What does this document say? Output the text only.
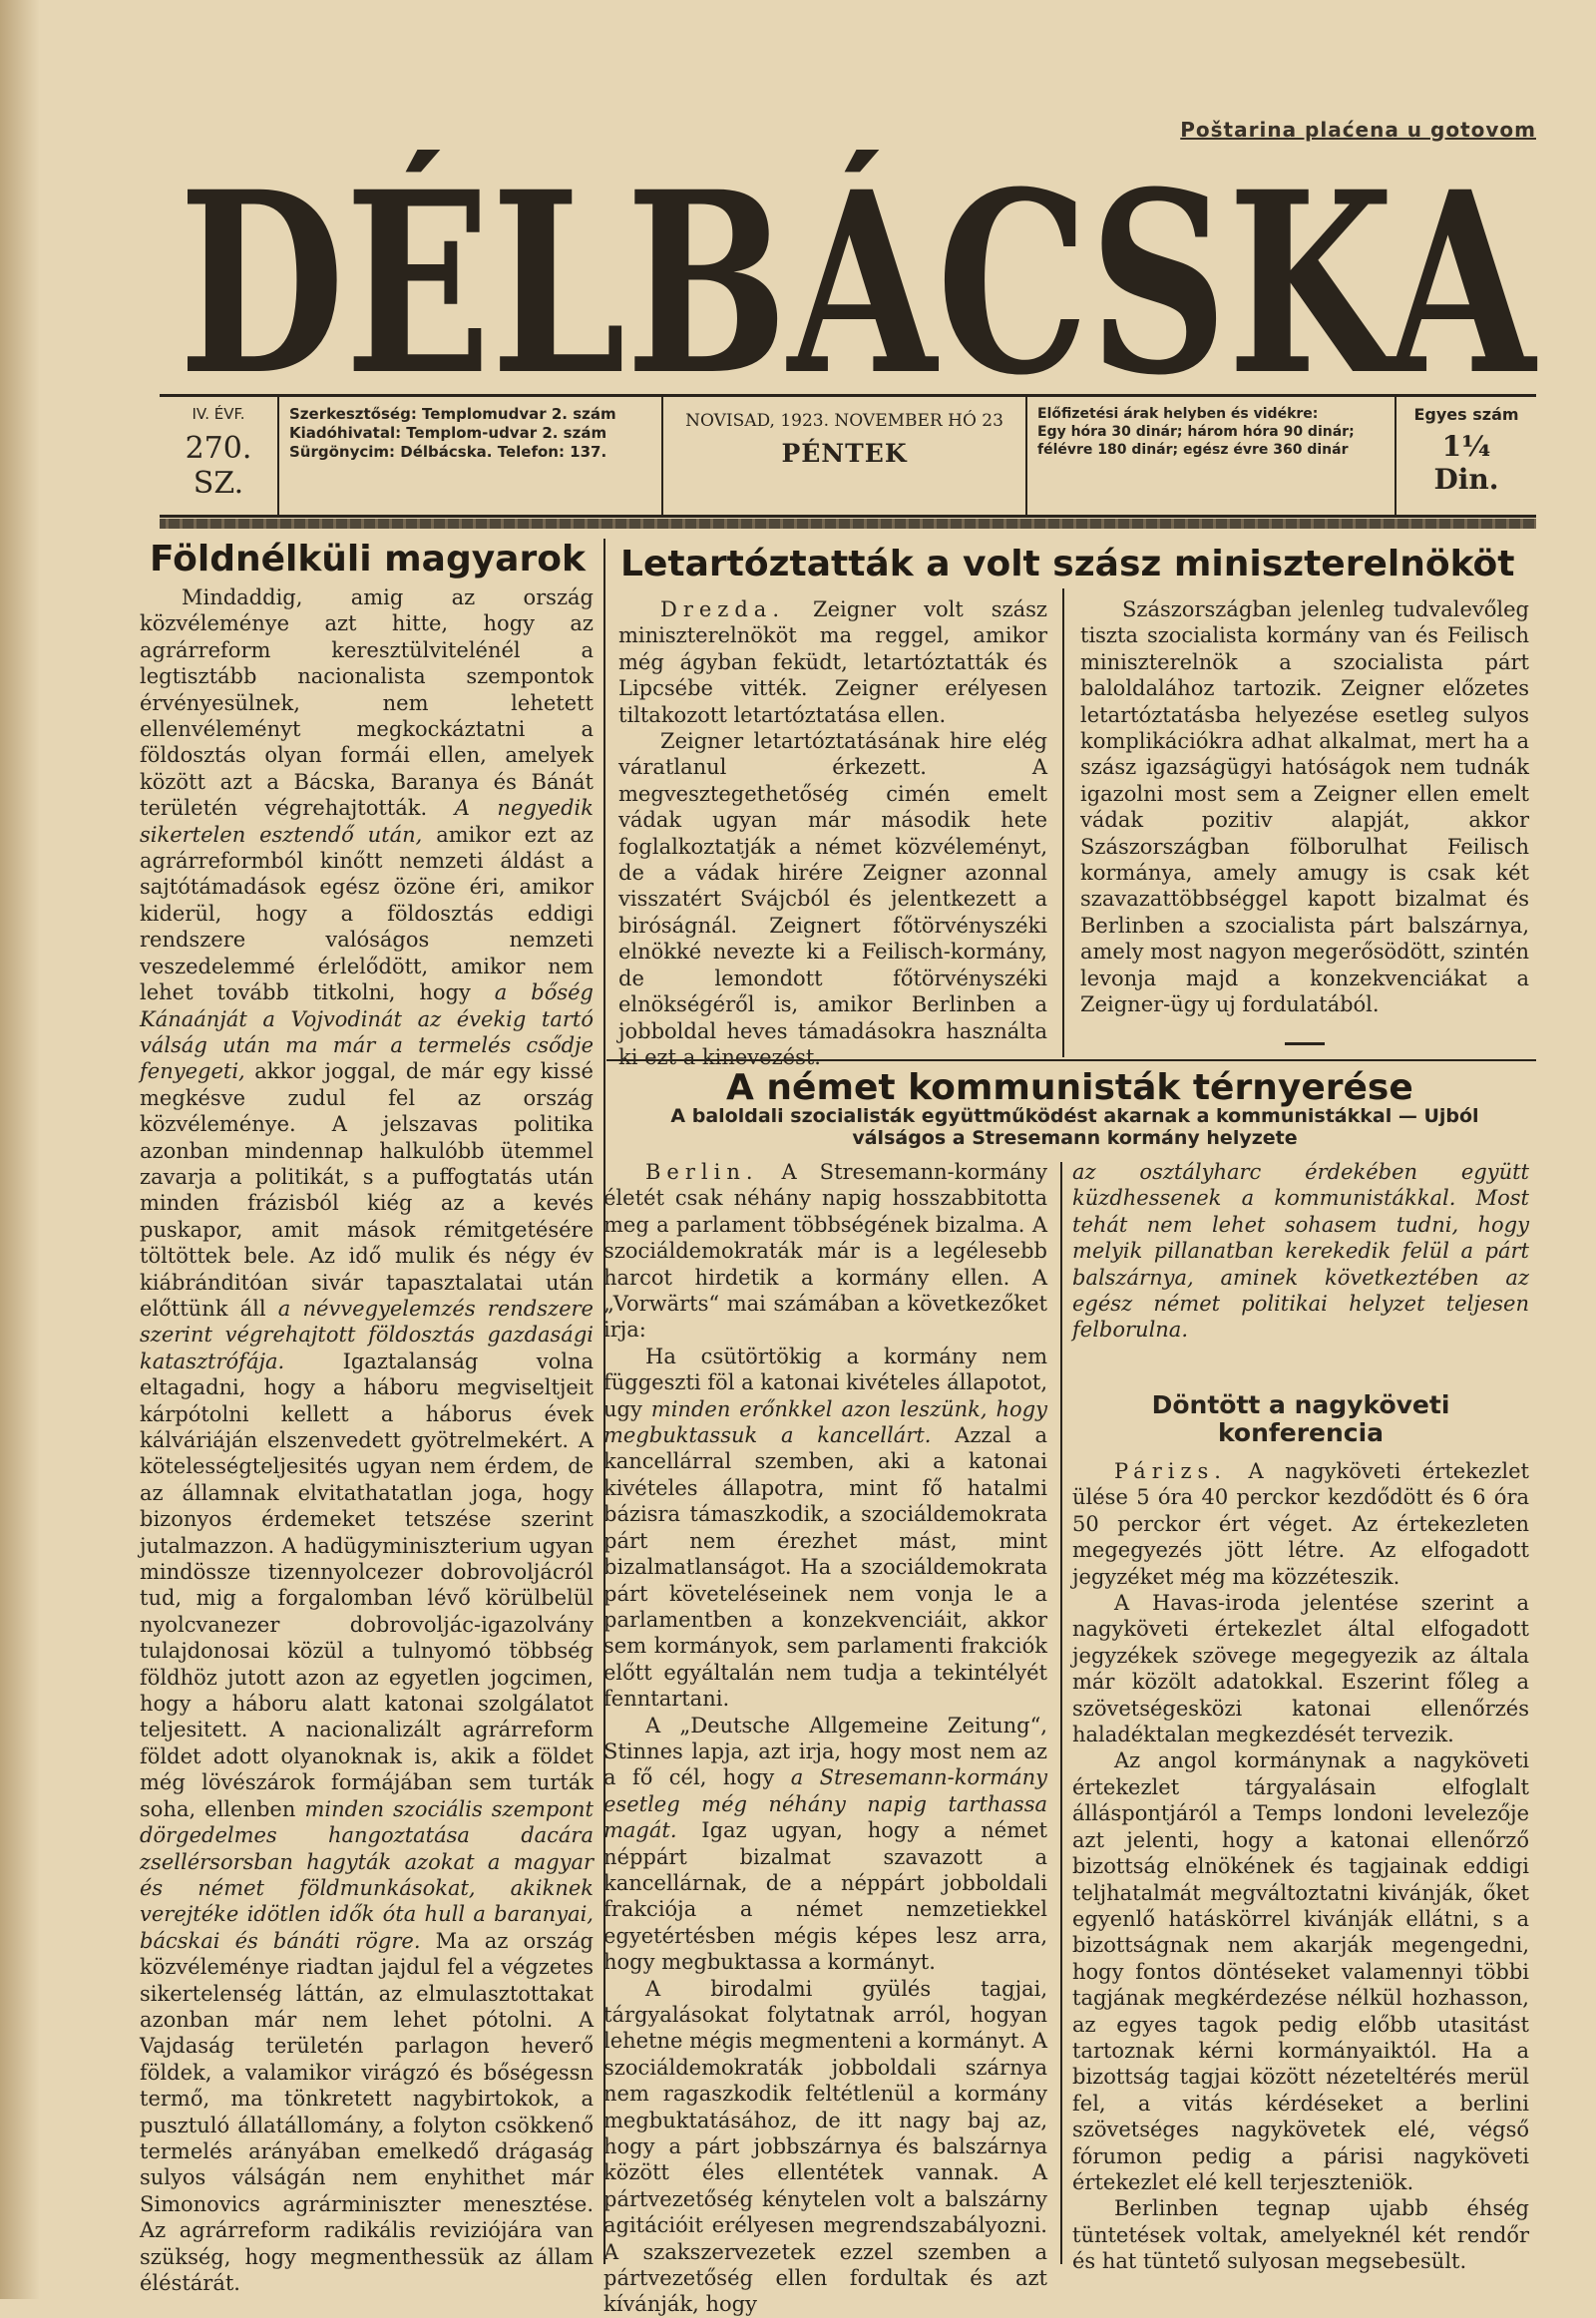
Poštarina plaćena u gotovom
DÉLBÁCSKA
IV. ÉVF.
270. SZ.
Szerkesztőség: Templomudvar 2. szám
Kiadóhivatal: Templom-udvar 2. szám
Sürgönycim: Délbácska. Telefon: 137.
NOVISAD, 1923. NOVEMBER HÓ 23
PÉNTEK
Előfizetési árak helyben és vidékre:
Egy hóra 30 dinár; három hóra 90 dinár;
félévre 180 dinár; egész évre 360 dinár
Egyes szám
1¼ Din.
Földnélküli magyarok

Mindaddig, amig az ország közvéleménye azt hitte, hogy az agrárreform keresztülvitelénél a legtisztább nacionalista szempontok érvényesülnek, nem lehetett ellenvéleményt megkockáztatni a földosztás olyan formái ellen, amelyek között azt a Bácska, Baranya és Bánát területén végrehajtották. A negyedik sikertelen esztendő után, amikor ezt az agrárreformból kinőtt nemzeti áldást a sajtótámadások egész özöne éri, amikor kiderül, hogy a földosztás eddigi rendszere valóságos nemzeti veszedelemmé érlelődött, amikor nem lehet tovább titkolni, hogy a bőség Kánaánját a Vojvodinát az évekig tartó válság után ma már a termelés csődje fenyegeti, akkor joggal, de már egy kissé megkésve zudul fel az ország közvéleménye. A jelszavas politika azonban mindennap halkulóbb ütemmel zavarja a politikát, s a puffogtatás után minden frázisból kiég az a kevés puskapor, amit mások rémitgetésére töltöttek bele. Az idő mulik és négy év kiábránditóan sivár tapasztalatai után előttünk áll a névvegyelemzés rendszere szerint végrehajtott földosztás gazdasági katasztrófája.	Igaztalanság volna eltagadni, hogy a háboru megviseltjeit kárpótolni kellett a háborus évek kálváriáján elszenvedett gyötrelmekért. A kötelességteljesités ugyan nem érdem, de az államnak elvitathatatlan joga, hogy bizonyos érdemeket tetszése szerint jutalmazzon. A hadügyminiszterium ugyan mindössze tizennyolcezer dobrovoljácról tud, mig a forgalomban lévő körülbelül nyolcvanezer dobrovoljác-igazolvány tulajdonosai közül a tulnyomó többség földhöz jutott azon az egyetlen jogcimen, hogy a háboru alatt katonai szolgálatot teljesitett. A nacionalizált agrárreform földet adott olyanoknak is, akik a földet még lövészárok formájában sem turták soha, ellenben minden szociális szempont dörgedelmes hangoztatása dacára zsellérsorsban hagyták azokat a magyar és német földmunkásokat, akiknek verejtéke idötlen idők óta hull a baranyai, bácskai és bánáti rögre. Ma az ország közvéleménye riadtan jajdul fel a végzetes sikertelenség láttán, az elmulasztottakat azonban már nem lehet pótolni. A Vajdaság területén parlagon heverő földek, a valamikor virágzó és bőségessn termő, ma tönkretett nagybirtokok, a pusztuló állatállomány, a folyton csökkenő termelés arányában emelkedő drágaság sulyos válságán nem enyhithet már Simonovics agrárminiszter menesztése. Az agrárreform radikális reviziójára van szükség, hogy megmenthessük az állam éléstárát.

Letartóztatták a volt szász miniszterelnököt

Drezda. Zeigner volt szász miniszterelnököt ma reggel, amikor még ágyban feküdt, letartóztatták és Lipcsébe vitték. Zeigner erélyesen tiltakozott letartóztatása ellen.

Zeigner letartóztatásának hire elég váratlanul érkezett. A megvesztegethetőség cimén emelt vádak ugyan már második hete foglalkoztatják a német közvéleményt, de a vádak hirére Zeigner azonnal visszatért Svájcból és jelentkezett a biróságnál. Zeignert főtörvényszéki elnökké nevezte ki a Feilisch-kormány, de lemondott főtörvényszéki elnökségéről is, amikor Berlinben a jobboldal heves támadásokra használta ki ezt a kinevezést.

Szászországban jelenleg tudvalevőleg tiszta szocialista kormány van és Feilisch miniszterelnök a szocialista párt baloldalához tartozik. Zeigner előzetes letartóztatásba helyezése esetleg sulyos komplikációkra adhat alkalmat, mert ha a szász igazságügyi hatóságok nem tudnák igazolni most sem a Zeigner ellen emelt vádak pozitiv alapját, akkor Szászországban fölborulhat Feilisch kormánya, amely amugy is csak két szavazattöbbséggel kapott bizalmat és Berlinben a szocialista párt balszárnya, amely most nagyon megerősödött, szintén levonja majd a konzekvenciákat a Zeigner-ügy uj fordulatából.

A német kommunisták térnyerése
A baloldali szocialisták együttműködést akarnak a kommunistákkal — Ujból válságos a Stresemann kormány helyzete

Berlin. A Stresemann-kormány életét csak néhány napig hosszabbitotta meg a parlament többségének bizalma. A szociáldemokraták már is a legélesebb harcot hirdetik a kormány ellen. A „Vorwärts“ mai számában a következőket irja:

Ha csütörtökig a kormány nem függeszti föl a katonai kivételes állapotot, ugy minden erőnkkel azon leszünk, hogy megbuktassuk a kancellárt. Azzal a kancellárral szemben, aki a katonai kivételes állapotra, mint fő hatalmi bázisra támaszkodik, a szociáldemokrata párt nem érezhet mást, mint bizalmatlanságot. Ha a szociáldemokrata párt követeléseinek nem vonja le a parlamentben a konzekvenciáit, akkor sem kormányok, sem parlamenti frakciók előtt egyáltalán nem tudja a tekintélyét fenntartani.

A „Deutsche Allgemeine Zeitung“, Stinnes lapja, azt irja, hogy most nem az a fő cél, hogy a Stresemann-kormány esetleg még néhány napig tarthassa magát. Igaz ugyan, hogy a német néppárt bizalmat szavazott a kancellárnak, de a néppárt jobboldali frakciója a német nemzetiekkel egyetértésben mégis képes lesz arra, hogy megbuktassa a kormányt.

A birodalmi gyülés tagjai, tárgyalásokat folytatnak arról, hogyan lehetne mégis megmenteni a kormányt. A szociáldemokraták jobboldali szárnya nem ragaszkodik feltétlenül a kormány megbuktatásához, de itt nagy baj az, hogy a párt jobbszárnya és balszárnya között éles ellentétek vannak. A pártvezetőség kénytelen volt a balszárny agitációit erélyesen megrendszabályozni. A szakszervezetek ezzel szemben a pártvezetőség ellen fordultak és azt kívánják, hogy

az osztályharc érdekében együtt küzdhessenek a kommunistákkal. Most tehát nem lehet sohasem tudni, hogy melyik pillanatban kerekedik felül a párt balszárnya, aminek következtében az egész német politikai helyzet teljesen felborulna.

Döntött a nagyköveti
konferencia

Párizs. A nagyköveti értekezlet ülése 5 óra 40 perckor kezdődött és 6 óra 50 perckor ért véget. Az értekezleten megegyezés jött létre. Az elfogadott jegyzéket még ma közzéteszik.

A Havas-iroda jelentése szerint a nagyköveti értekezlet által elfogadott jegyzékek szövege megegyezik az általa már közölt adatokkal. Eszerint főleg a szövetségesközi katonai ellenőrzés haladéktalan megkezdését tervezik.

Az angol kormánynak a nagyköveti értekezlet tárgyalásain elfoglalt álláspontjáról a Temps londoni levelezője azt jelenti, hogy a katonai ellenőrző bizottság elnökének és tagjainak eddigi teljhatalmát megváltoztatni kivánják, őket egyenlő hatáskörrel kivánják ellátni, s a bizottságnak nem akarják megengedni, hogy fontos döntéseket valamennyi többi tagjának megkérdezése nélkül hozhasson, az egyes tagok pedig előbb utasitást tartoznak kérni kormányaiktól. Ha a bizottság tagjai között nézeteltérés merül fel, a vitás kérdéseket a berlini szövetséges nagykövetek elé, végső fórumon pedig a párisi nagyköveti értekezlet elé kell terjeszteniök.

Berlinben tegnap ujabb éhség tüntetések voltak, amelyeknél két rendőr és hat tüntető sulyosan megsebesült.
